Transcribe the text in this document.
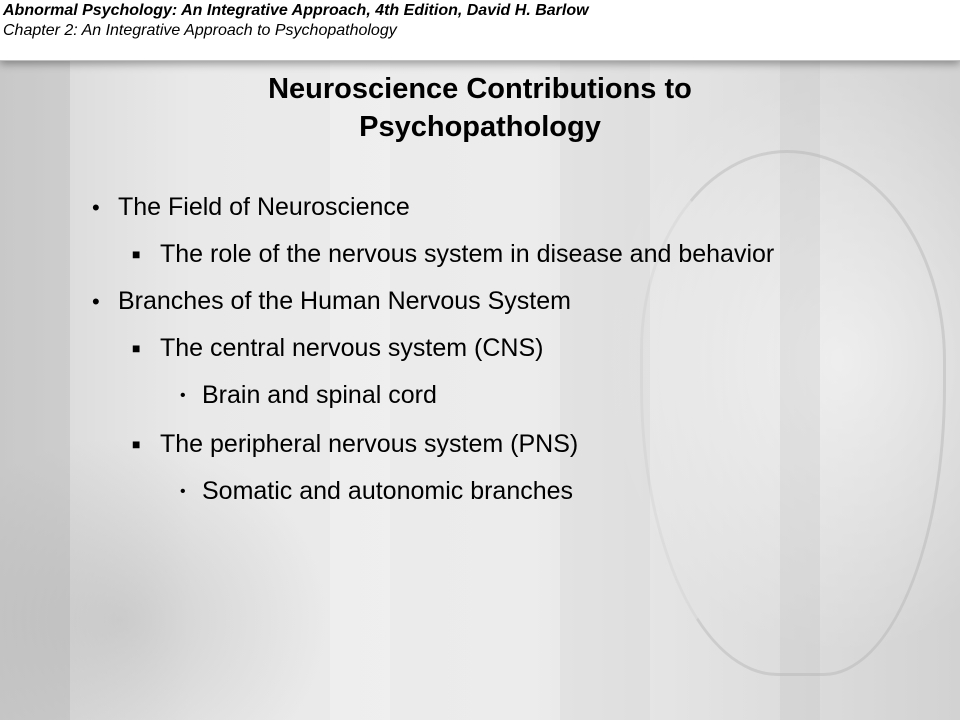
Abnormal Psychology: An Integrative Approach, 4th Edition, David H. Barlow
Chapter 2: An Integrative Approach to Psychopathology
Neuroscience Contributions to Psychopathology
• The Field of Neuroscience
■ The role of the nervous system in disease and behavior
• Branches of the Human Nervous System
■ The central nervous system (CNS)
• Brain and spinal cord
■ The peripheral nervous system (PNS)
• Somatic and autonomic branches
